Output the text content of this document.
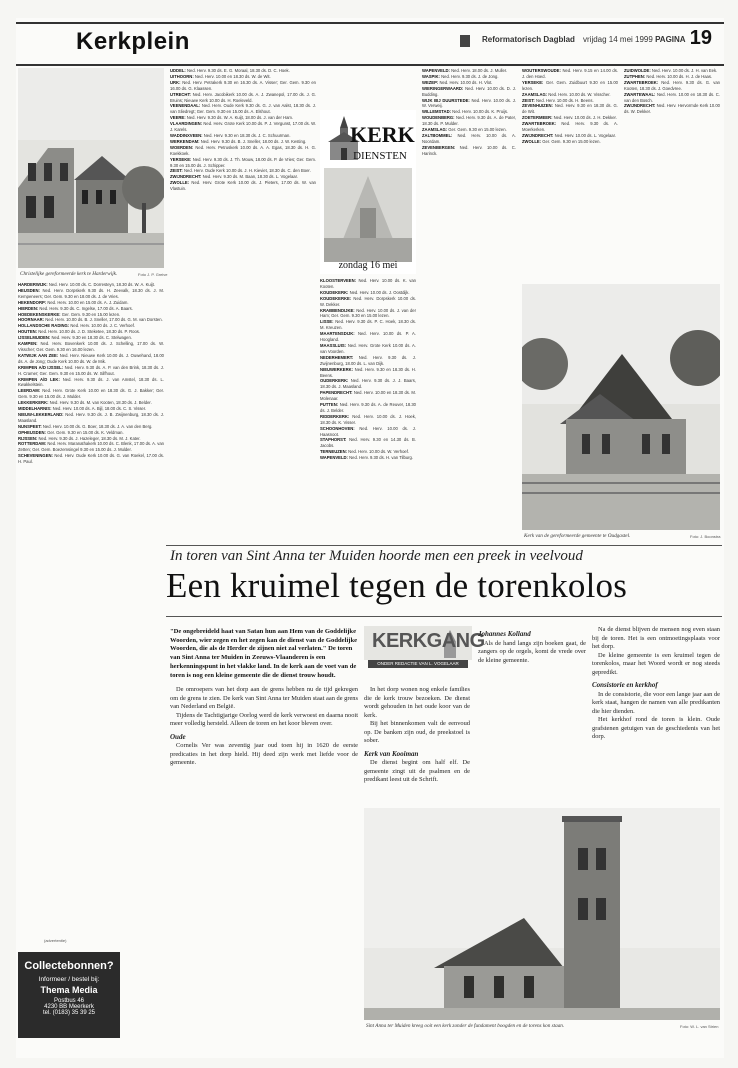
Kerkplein	Reformatorisch Dagblad vrijdag 14 mei 1999 PAGINA 19
Christelijke gereformeerde kerk te Harderwijk.	Foto J. P. Greive
HARDERWIJK: Ned. Herv. 10.00 ds. C. Dorresteyn, 18.30 ds. W. A. Kuijt.
HEUSDEN: Ned. Herv. Dorpskerk 9.30 ds. H. Zeevalk, 18.30 ds. J. M. Kempeneers; Ger. Gem. 9.30 en 18.00 ds. J. de Vries.
HEKENDORP: Ned. Herv. 10.00 en 15.00 ds. A. J. Zuidam.
HIERDEN: Ned. Herv. 9.30 ds. C. Ingelse, 17.00 ds. A. Baars.
HOEDEKENSKERKE: Ger. Gem. 9.30 en 15.00 lezen.
HOORNAAR: Ned. Herv. 10.00 ds. B. J. Sneller, 17.00 ds. G. M. van Dorsten.
HOLLANDSCHE RADING: Ned. Herv. 10.00 ds. J. C. Verhoef.
HOUTEN: Ned. Herv. 10.00 ds. J. D. Steketee, 18.30 ds. P. Roos.
IJSSELMUIDEN: Ned. Herv. 9.30 en 18.30 ds. C. Stelwagen.
KAMPEN: Ned. Herv. Bovenkerk 10.00 ds. J. Schelling, 17.00 ds. W. Visscher; Ger. Gem. 9.30 en 16.00 lezen.
KATWIJK AAN ZEE: Ned. Herv. Nieuwe Kerk 10.00 ds. J. Ouwehand, 18.00 ds. A. de Jong; Oude Kerk 10.00 ds. W. de Mik.
KRIMPEN A/D IJSSEL: Ned. Herv. 9.30 ds. A. P. van den Brink, 18.30 ds. J. H. Cramer; Ger. Gem. 9.30 en 15.00 ds. W. Silfhout.
KRIMPEN A/D LEK: Ned. Herv. 9.30 ds. J. van Amstel, 18.30 ds. L. Kwakkelstein.
LEERDAM: Ned. Herv. Grote Kerk 10.00 en 18.30 ds. G. J. Bakker; Ger. Gem. 9.30 en 15.00 ds. J. Mulder.
LEKKERKERK: Ned. Herv. 9.30 ds. M. van Kooten, 18.30 ds. J. Belder.
MIDDELHARNIS: Ned. Herv. 10.00 ds. A. Bijl, 18.00 ds. C. S. Visser.
NIEUW-LEKKERLAND: Ned. Herv. 9.30 ds. J. B. Zwijnenburg, 18.30 ds. J. Maasland.
NUNSPEET: Ned. Herv. 10.00 ds. G. Boer, 18.30 ds. J. A. van den Berg.
OPHEUSDEN: Ger. Gem. 9.30 en 15.00 ds. K. Veldman.
RIJSSEN: Ned. Herv. 9.30 ds. J. Hazeleger, 18.30 ds. M. J. Kater.
ROTTERDAM: Ned. Herv. Maranathakerk 10.00 ds. C. Blenk, 17.00 ds. A. van Zetten; Ger. Gem. Boezemsingel 9.30 en 15.00 ds. J. Mulder.
SCHEVENINGEN: Ned. Herv. Oude Kerk 10.00 ds. G. van Roekel, 17.00 ds. H. Paul.
UDDEL: Ned. Herv. 9.30 ds. E. G. Moraal, 18.30 ds. D. C. Hoek.
UITHOORN: Ned. Herv. 10.00 en 18.30 ds. W. de Wit.
URK: Ned. Herv. Petrakerk 9.30 en 16.30 ds. A. Visser; Ger. Gem. 9.30 en 16.00 ds. G. Klaassen.
UTRECHT: Ned. Herv. Jacobikerk 10.00 ds. A. J. Zwanepol, 17.00 ds. J. G. Bruins; Nieuwe Kerk 10.00 ds. H. Roeleveld.
VEENENDAAL: Ned. Herv. Oude Kerk 9.30 ds. G. J. van Aalst, 18.30 ds. J. van Sliedregt; Ger. Gem. 9.30 en 15.00 ds. A. Elshout.
VEERE: Ned. Herv. 9.30 ds. W. A. Kuijt, 18.00 ds. J. van der Ham.
VLAARDINGEN: Ned. Herv. Grote Kerk 10.00 ds. P. J. Vergunst, 17.00 ds. W. J. Karels.
WADDINXVEEN: Ned. Herv. 9.30 en 18.30 ds. J. C. Schuurman.
WERKENDAM: Ned. Herv. 9.30 ds. B. J. Sneller, 18.00 ds. J. W. Kesting.
WOERDEN: Ned. Herv. Petruskerk 10.00 ds. A. A. Egas, 18.30 ds. H. G. Koekkoek.
YERSEKE: Ned. Herv. 9.30 ds. J. Th. Mouw, 18.00 ds. P. de Vries; Ger. Gem. 9.30 en 15.00 ds. J. Schipper.
ZEIST: Ned. Herv. Oude Kerk 10.00 ds. J. H. Kieviet, 18.30 ds. C. den Boer.
ZWIJNDRECHT: Ned. Herv. 9.30 ds. M. Baan, 18.30 ds. L. Vogelaar.
ZWOLLE: Ned. Herv. Grote Kerk 10.00 ds. J. Pieters, 17.00 ds. W. van Vlastuin.
KERK
DIENSTEN
zondag 16 mei
KLOOSTERVEEN: Ned. Herv. 10.00 ds. K. van Kooten.
KOUDEKERK: Ned. Herv. 10.00 ds. J. Oostdijk.
KOUDEKERKE: Ned. Herv. Dorpskerk 10.00 ds. W. Dekker.
KRABBENDIJKE: Ned. Herv. 10.00 ds. J. van der Ham; Ger. Gem. 9.30 en 15.00 lezen.
LISSE: Ned. Herv. 9.30 ds. P. C. Hoek, 18.30 ds. M. Kreuzen.
MAARTENSDIJK: Ned. Herv. 10.00 ds. P. A. Hoogland.
MAASSLUIS: Ned. Herv. Grote Kerk 10.00 ds. A. van Voorden.
NEDERHEMERT: Ned. Herv. 9.30 ds. J. Zwijnenburg, 18.00 ds. L. van Dijk.
NIEUWERKERK: Ned. Herv. 9.30 en 18.30 ds. H. Beens.
OUDERKERK: Ned. Herv. 9.30 ds. J. J. Baars, 18.30 ds. J. Maasland.
PAPENDRECHT: Ned. Herv. 10.00 en 18.30 ds. M. Molenaar.
PUTTEN: Ned. Herv. 9.30 ds. A. de Reuver, 18.30 ds. J. Belder.
RIDDERKERK: Ned. Herv. 10.00 ds. J. Hoek, 18.30 ds. K. Visser.
SCHOONHOVEN: Ned. Herv. 10.00 ds. J. Haasnoot.
STAPHORST: Ned. Herv. 9.30 en 14.30 ds. B. Jacobs.
TERNEUZEN: Ned. Herv. 10.00 ds. W. Verhoef.
WAPENVELD: Ned. Herv. 9.30 ds. H. van Tilburg.
WAPENVELD: Ned. Herv. 18.00 ds. J. Muller.
WASPIK: Ned. Herv. 9.30 ds. J. de Jong.
WEZEP: Ned. Herv. 10.00 ds. H. Vlot.
WIERINGERWAARD: Ned. Herv. 10.00 ds. D. J. Budding.
WIJK BIJ DUURSTEDE: Ned. Herv. 10.00 ds. J. W. Verweij.
WILLEMSTAD: Ned. Herv. 10.00 ds. K. Pruijs.
WOUDENBERG: Ned. Herv. 9.30 ds. A. de Pater, 18.30 ds. P. Mulder.
ZAAMSLAG: Ger. Gem. 9.30 en 15.00 lezen.
ZALTBOMMEL: Ned. Herv. 10.00 ds. A. Noordam.
ZEVENBERGEN: Ned. Herv. 10.00 ds. C. Harinck.
WOUTERSWOUDE: Ned. Herv. 9.15 en 14.00 ds. J. den Hoed.
YERSEKE: Ger. Gem. Zuidbuurt 9.30 en 15.00 lezen.
ZAAMSLAG: Ned. Herv. 10.00 ds. W. Visscher.
ZEIST: Ned. Herv. 10.00 ds. H. Beens.
ZEVENHUIZEN: Ned. Herv. 9.30 en 18.30 ds. G. de Wit.
ZOETERMEER: Ned. Herv. 10.00 ds. J. H. Dekker.
ZWARTEBROEK: Ned. Herv. 9.30 ds. A. Moerkerken.
ZWIJNDRECHT: Ned. Herv. 10.00 ds. L. Vogelaar.
ZWOLLE: Ger. Gem. 9.30 en 15.00 lezen.
ZUIDWOLDE: Ned. Herv. 10.00 ds. J. H. van Eek.
ZUTPHEN: Ned. Herv. 10.00 ds. H. J. de Haas.
ZWARTEBROEK: Ned. Herv. 9.30 ds. G. van Kooten, 18.30 ds. J. Goedvree.
ZWARTEWAAL: Ned. Herv. 10.00 en 18.30 ds. C. van den Bosch.
ZWIJNDRECHT: Ned. Herv. Hervormde Kerk 10.00 ds. W. Dekker.
Kerk van de gereformeerde gemeente te Oudgastel.	Foto: J. Boonstra
In toren van Sint Anna ter Muiden hoorde men een preek in veelvoud
Een kruimel tegen de torenkolos
"De ongebreideld haat van Satan hun aan Hem van de Goddelijke Woorden, wier zegen en het zegen kan de dienst van de Goddelijke Woorden, die als de Herder de zijnen niet zal verlaten." De toren van Sint Anna ter Muiden in Zeeuws-Vlaanderen is een herkenningspunt in het vlakke land. In de kerk aan de voet van de toren is nog een kleine gemeente die de dienst trouw houdt.
KERKGANG
ONDER REDACTIE VAN L. VOGELAAR

De omroepers van het dorp aan de grens hebben nu de tijd gekregen om de grens te zien. De kerk van Sint Anna ter Muiden staat aan de grens van Nederland en België.

Tijdens de Tachtigjarige Oorlog werd de kerk verwoest en daarna nooit meer volledig hersteld. Alleen de toren en het koor bleven over.

Oude

Cornelis Ver was zeventig jaar oud toen hij in 1620 de eerste predicaties in het dorp hield. Hij deed zijn werk met liefde voor de gemeente.

In het dorp wonen nog enkele families die de kerk trouw bezoeken. De dienst wordt gehouden in het oude koor van de kerk.

Bij het binnenkomen valt de eenvoud op. De banken zijn oud, de preekstoel is sober.

Kerk van Kooiman

De dienst begint om half elf. De gemeente zingt uit de psalmen en de predikant leest uit de Schrift.

Johannes Kolland

Als de hand langs zijn boeken gaat, de zangers op de orgels, komt de vrede over de kleine gemeente.

Na de dienst blijven de mensen nog even staan bij de toren. Het is een ontmoetingsplaats voor het dorp.

De kleine gemeente is een kruimel tegen de torenkolos, maar het Woord wordt er nog steeds gepredikt.

Consistorie en kerkhof

In de consistorie, die voor een lange jaar aan de kerk staat, hangen de namen van alle predikanten die hier dienden.

Het kerkhof rond de toren is klein. Oude grafstenen getuigen van de geschiedenis van het dorp.

Sint Anna ter Muiden kreeg ooit een kerk zonder de fundament boogden en de torens kon staan.	Foto: W. L. van Strien
(advertentie)
Collectebonnen?
Informeer / bestel bij:
Thema Media
Postbus 46
4230 BB Meerkerk
tel. (0183) 35 39 25
